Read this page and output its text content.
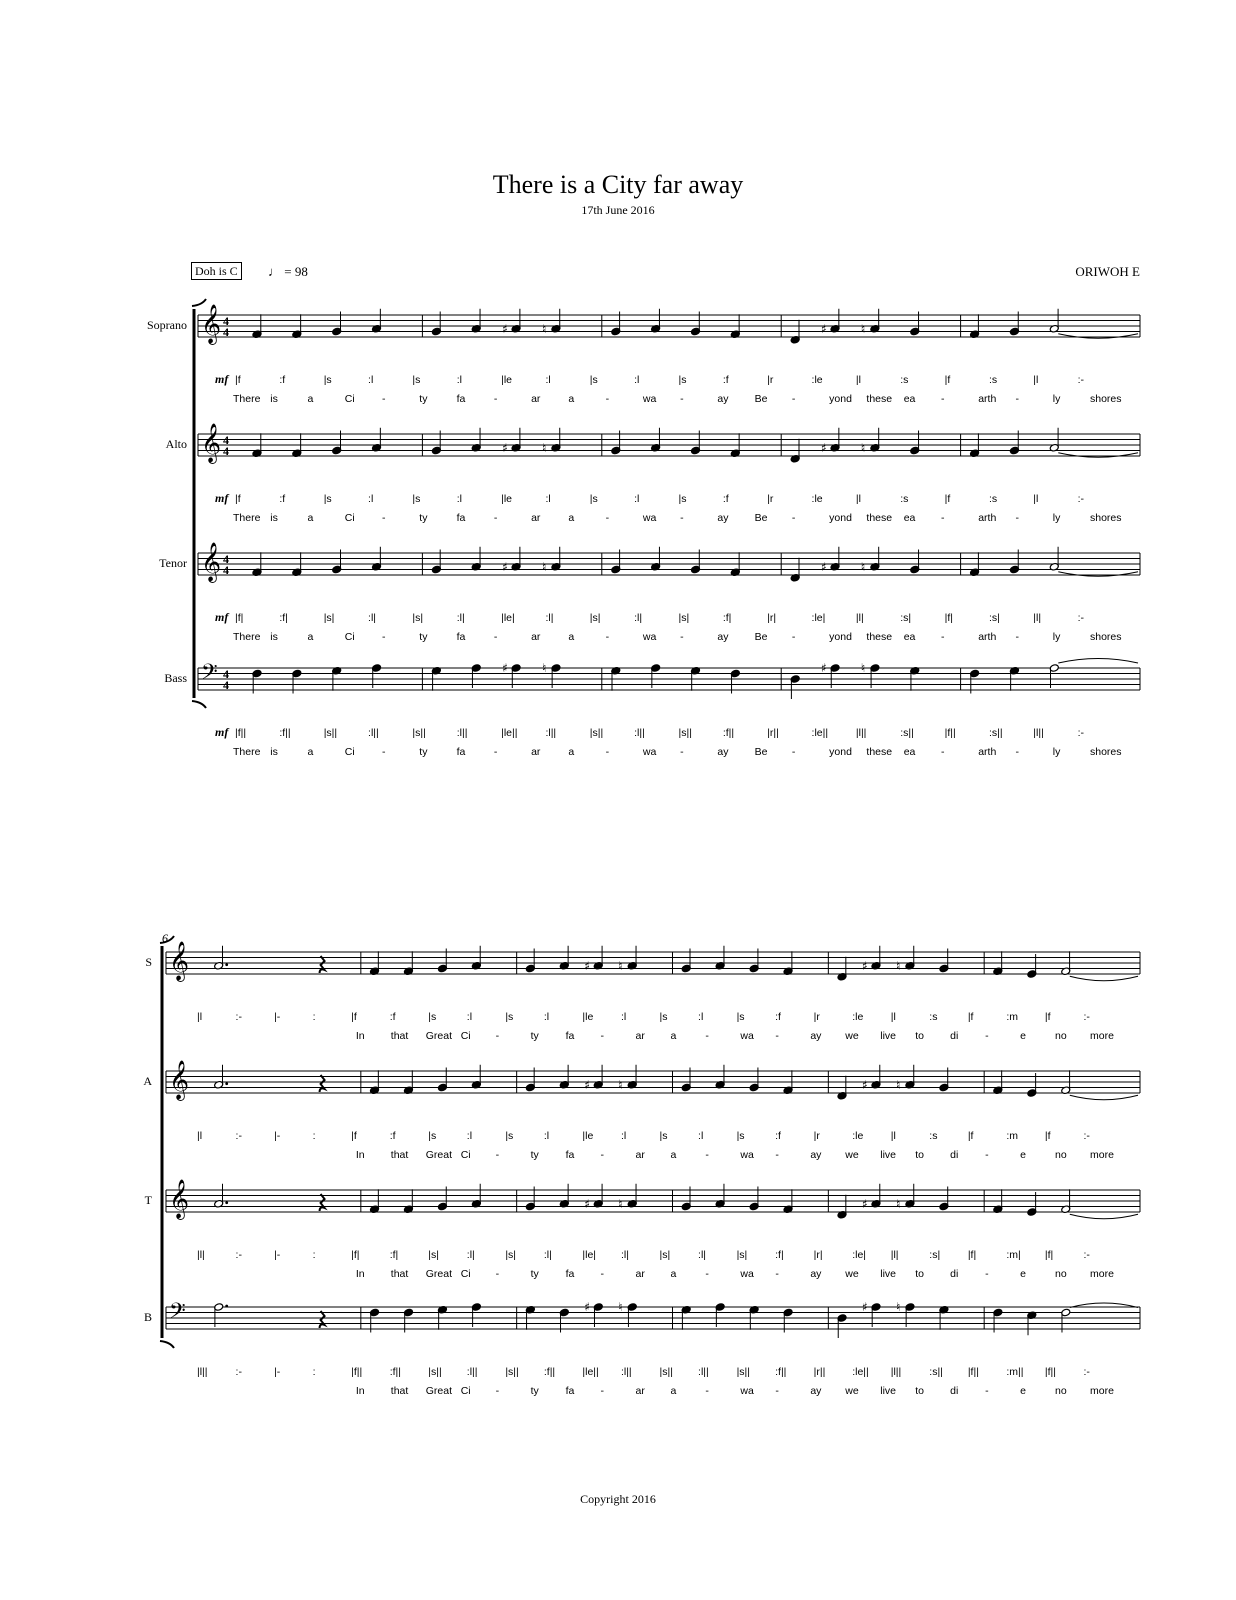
There is a City far away
17th June 2016
Doh is C	♩ = 98	ORIWOH E
Soprano 𝄞 4
4	♯	♮	♯	♮
mf |f	:f	|s	:l	|s	:l	|le	:l	|s	:l	|s	:f	|r	:le	|l	:s	|f	:s	|l	:-
There is	a	Ci	-	ty	fa	-	ar	a	-	wa -	ay Be -	yond these ea -	arth -	ly	shores
Alto 𝄞 4
4	♯	♮	♯	♮
mf |f	:f	|s	:l	|s	:l	|le	:l	|s	:l	|s	:f	|r	:le	|l	:s	|f	:s	|l	:-
There is	a	Ci	-	ty	fa	-	ar	a	-	wa -	ay Be -	yond these ea -	arth -	ly	shores
Tenor 𝄞 4
4	♯	♮	♯	♮
mf |f|	:f|	|s|	:l|	|s|	:l|	|le|	:l|	|s|	:l|	|s|	:f|	|r|	:le|	|l|	:s|	|f|	:s|	|l|	:-
There is	a	Ci	-	ty	fa	-	ar	a	-	wa -	ay Be -	yond these ea -	arth -	ly	shores
Bass 𝄢 4
4
♯	♮	♯	♮
mf |f||	:f||	|s||	:l||	|s||	:l||	|le||	:l||	|s||	:l||	|s||	:f||	|r||	:le||	|l||	:s||	|f||	:s||	|l||	:-
There is	a	Ci	-	ty	fa	-	ar	a	-	wa -	ay Be -	yond these ea -	arth -	ly	shores
6
S 𝄞	♯ ♮	♯ ♮
|l	:-	|-	:	|f	:f	|s	:l	|s	:l	|le	:l	|s	:l	|s	:f	|r	:le	|l	:s	|f	:m	|f	:-
In that Great Ci -	ty	fa -	ar a	-	wa -	ay we live to di	-	e	no more
A 𝄞	♯ ♮	♯ ♮
|l	:-	|-	:	|f	:f	|s	:l	|s	:l	|le	:l	|s	:l	|s	:f	|r	:le	|l	:s	|f	:m	|f	:-
In that Great Ci -	ty	fa -	ar a	-	wa -	ay we live to di	-	e	no more
T 𝄞	♯ ♮	♯ ♮
|l|	:-	|-	:	|f|	:f|	|s|	:l|	|s|	:l|	|le| :l|	|s|	:l|	|s|	:f|	|r|	:le| |l|	:s|	|f|	:m| |f|	:-
In that Great Ci -	ty	fa -	ar a	-	wa -	ay we live to di	-	e	no more
B 𝄢	♯ ♮	♯ ♮
|l||	:-	|-	:	|f||	:f||	|s|| :l||	|s|| :f||	|le|| :l||	|s|| :l||	|s|| :f||	|r||	:le|| |l||	:s|| |f||	:m|| |f||	:-
In that Great Ci -	ty	fa -	ar a	-	wa -	ay we live to di	-	e	no more
Copyright 2016
